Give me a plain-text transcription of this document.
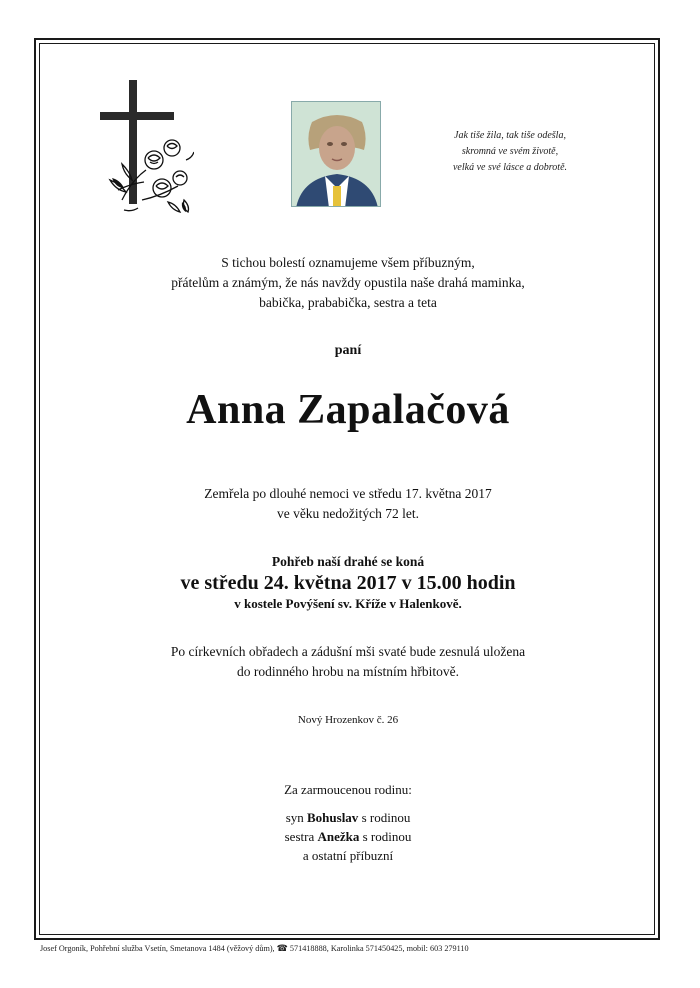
Jak tiše žila, tak tiše odešla,
skromná ve svém životě,
velká ve své lásce a dobrotě.
S tichou bolestí oznamujeme všem příbuzným,
přátelům a známým, že nás navždy opustila naše drahá maminka,
babička, prababička, sestra a teta
paní
Anna Zapalačová
Zemřela po dlouhé nemoci ve středu 17. května 2017
ve věku nedožitých 72 let.
Pohřeb naší drahé se koná
ve středu 24. května 2017 v 15.00 hodin
v kostele Povýšení sv. Kříže v Halenkově.
Po církevních obřadech a zádušní mši svaté bude zesnulá uložena
do rodinného hrobu na místním hřbitově.
Nový Hrozenkov č. 26
Za zarmoucenou rodinu:
syn Bohuslav s rodinou
sestra Anežka s rodinou
a ostatní příbuzní
Josef Orgoník, Pohřební služba Vsetín, Smetanova 1484 (věžový dům), ☎ 571418888, Karolinka 571450425, mobil: 603 279110
